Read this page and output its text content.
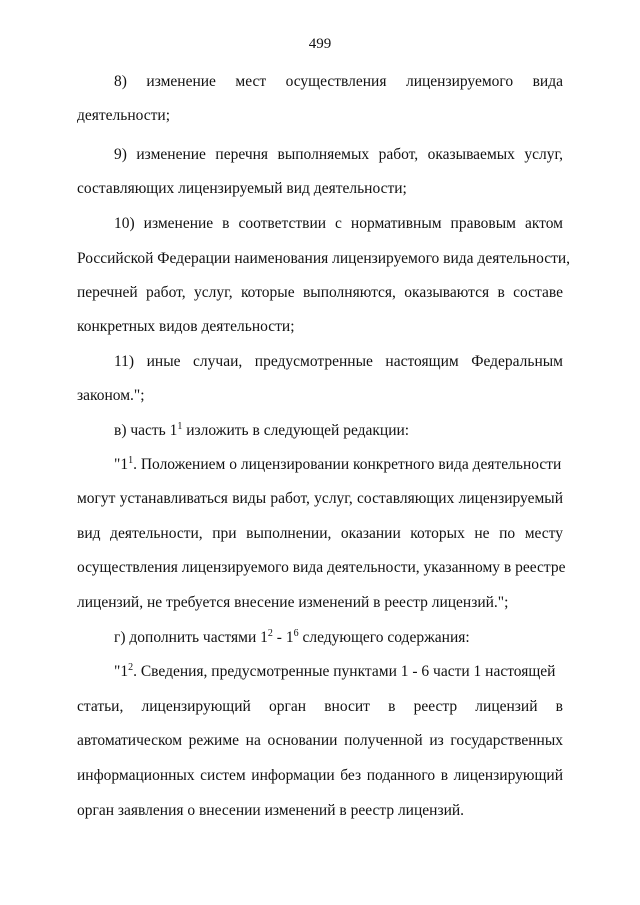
499
8) изменение мест осуществления лицензируемого вида
деятельности;
9) изменение перечня выполняемых работ, оказываемых услуг,
составляющих лицензируемый вид деятельности;
10) изменение в соответствии с нормативным правовым актом
Российской Федерации наименования лицензируемого вида деятельности,
перечней работ, услуг, которые выполняются, оказываются в составе
конкретных видов деятельности;
11) иные случаи, предусмотренные настоящим Федеральным
законом.";
в) часть $1^1$ изложить в следующей редакции:
"$1^1$. Положением о лицензировании конкретного вида деятельности
могут устанавливаться виды работ, услуг, составляющих лицензируемый
вид деятельности, при выполнении, оказании которых не по месту
осуществления лицензируемого вида деятельности, указанному в реестре
лицензий, не требуется внесение изменений в реестр лицензий.";
г) дополнить частями $1^2 - 1^6$ следующего содержания:
"$1^2$. Сведения, предусмотренные пунктами 1 - 6 части 1 настоящей
статьи, лицензирующий орган вносит в реестр лицензий в
автоматическом режиме на основании полученной из государственных
информационных систем информации без поданного в лицензирующий
орган заявления о внесении изменений в реестр лицензий.
